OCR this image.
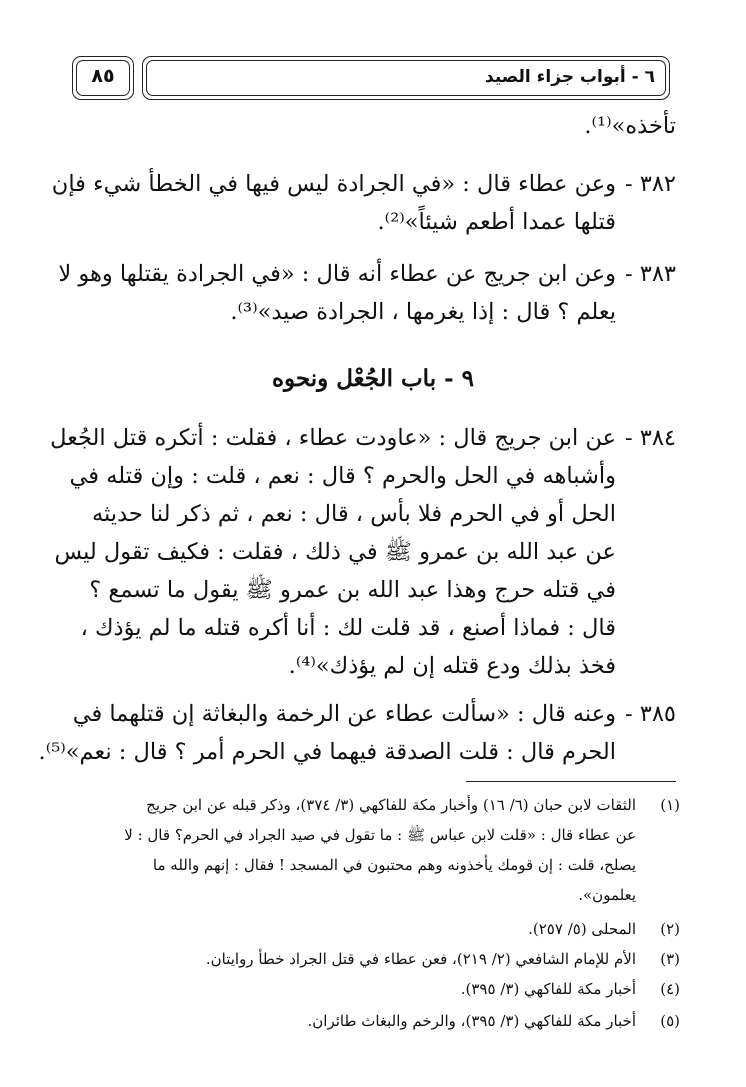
٦ - أبواب جزاء الصيد
٨٥
تأخذه»⁽¹⁾.
٣٨٢ -
وعن عطاء قال : «في الجرادة ليس فيها في الخطأ شيء فإن
قتلها عمدا أطعم شيئاً»⁽²⁾.
٣٨٣ -
وعن ابن جريج عن عطاء أنه قال : «في الجرادة يقتلها وهو لا
يعلم ؟ قال : إذا يغرمها ، الجرادة صيد»⁽³⁾.
٣٨٤ -
عن ابن جريج قال : «عاودت عطاء ، فقلت : أتكره قتل الجُعل
وأشباهه في الحل والحرم ؟ قال : نعم ، قلت : وإن قتله في
الحل أو في الحرم فلا بأس ، قال : نعم ، ثم ذكر لنا حديثه
عن عبد الله بن عمرو ﷺ في ذلك ، فقلت : فكيف تقول ليس
في قتله حرج وهذا عبد الله بن عمرو ﷺ يقول ما تسمع ؟
قال : فماذا أصنع ، قد قلت لك : أنا أكره قتله ما لم يؤذك ،
فخذ بذلك ودع قتله إن لم يؤذك»⁽⁴⁾.
٣٨٥ -
وعنه قال : «سألت عطاء عن الرخمة والبغاثة إن قتلهما في
الحرم قال : قلت الصدقة فيهما في الحرم أمر ؟ قال : نعم»⁽⁵⁾.
٩ - باب الجُعْل ونحوه
(١)
الثقات لابن حبان (٦/ ١٦) وأخبار مكة للفاكهي (٣/ ٣٧٤)، وذكر قبله عن ابن جريج
عن عطاء قال : «قلت لابن عباس ﷺ : ما تقول في صيد الجراد في الحرم؟ قال : لا
يصلح، قلت : إن قومك يأخذونه وهم محتبون في المسجد ! فقال : إنهم والله ما
يعلمون».
(٢)
المحلى (٥/ ٢٥٧).
(٣)
الأم للإمام الشافعي (٢/ ٢١٩)، فعن عطاء في قتل الجراد خطأ روايتان.
(٤)
أخبار مكة للفاكهي (٣/ ٣٩٥).
(٥)
أخبار مكة للفاكهي (٣/ ٣٩٥)، والرخم والبغاث طائران.
